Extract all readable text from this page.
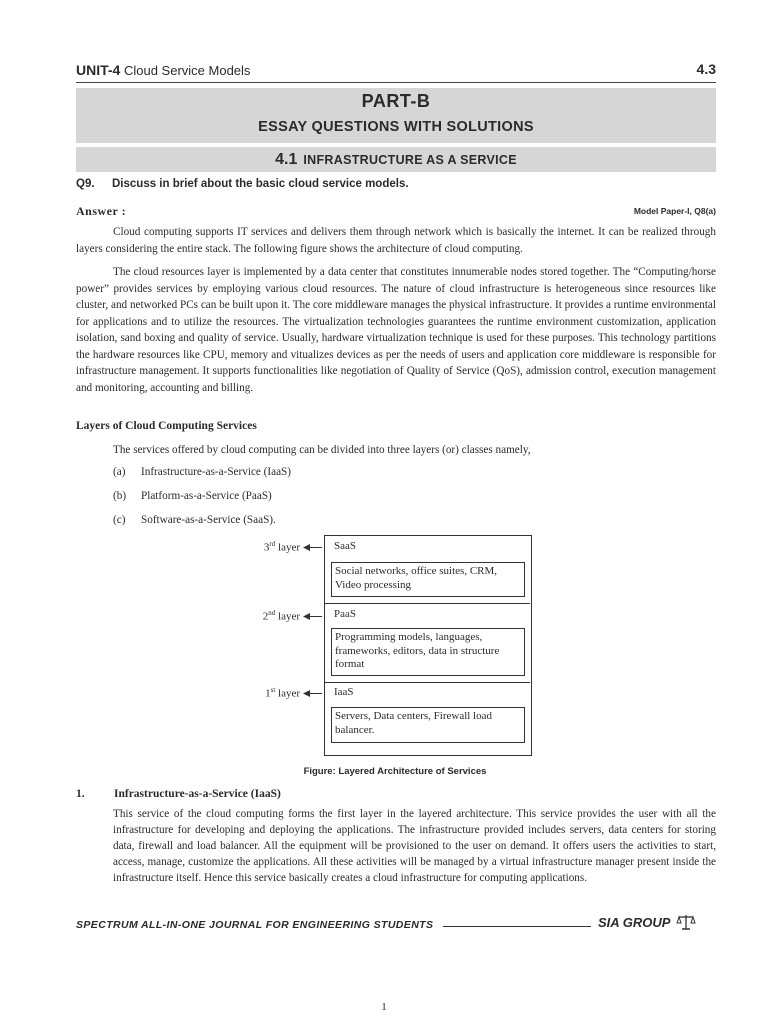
UNIT-4 Cloud Service Models	4.3
PART-B
ESSAY QUESTIONS WITH SOLUTIONS
4.1 INFRASTRUCTURE AS A SERVICE
Q9. Discuss in brief about the basic cloud service models.
Answer :	Model Paper-I, Q8(a)

Cloud computing supports IT services and delivers them through network which is basically the internet. It can be realized through layers considering the entire stack. The following figure shows the architecture of cloud computing.

The cloud resources layer is implemented by a data center that constitutes innumerable nodes stored together. The “Computing/horse power” provides services by employing various cloud resources. The nature of cloud infrastructure is heterogeneous since resources like cluster, and networked PCs can be built upon it. The core middleware manages the physical infrastructure. It provides a runtime environmental for applications and to utilize the resources. The virtualization technologies guarantees the runtime environment customization, application isolation, sand boxing and quality of service. Usually, hardware virtualization technique is used for these purposes. This technology partitions the hardware resources like CPU, memory and vitualizes devices as per the needs of users and application core middleware is responsible for infrastructure management. It supports functionalities like negotiation of Quality of Service (QoS), admission control, execution management and monitoring, accounting and billing.

Layers of Cloud Computing Services

The services offered by cloud computing can be divided into three layers (or) classes namely,

(a) Infrastructure-as-a-Service (IaaS)
(b) Platform-as-a-Service (PaaS)
(c) Software-as-a-Service (SaaS).
3rd layer	SaaS
Social networks, office suites, CRM, Video processing
2nd layer	PaaS
Programming models, languages, frameworks, editors, data in structure format
1st layer	IaaS
Servers, Data centers, Firewall load balancer.
Figure: Layered Architecture of Services
1.	Infrastructure-as-a-Service (IaaS)

This service of the cloud computing forms the first layer in the layered architecture. This service provides the user with all the infrastructure for developing and deploying the applications. The infrastructure provided includes servers, data centers for storing data, firewall and load balancer. All the equipment will be provisioned to the user on demand. It offers users the activities to start, access, manage, customize the applications. All these activities will be managed by a virtual infrastructure manager present inside the infrastructure itself. Hence this service basically creates a cloud infrastructure for computing applications.

SPECTRUM ALL-IN-ONE JOURNAL FOR ENGINEERING STUDENTS	SIA GROUP
1
